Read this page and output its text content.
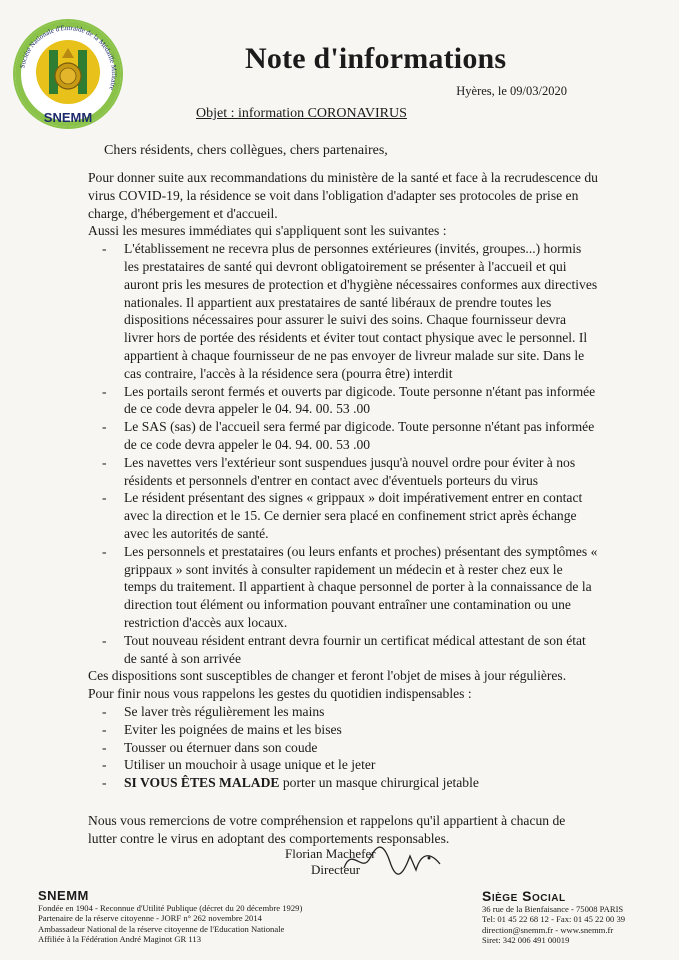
Société Nationale d'Entraide de la Médaille Militaire
SNEMM
Note d'informations
Hyères, le 09/03/2020
Objet : information CORONAVIRUS
Chers résidents, chers collègues, chers partenaires,

Pour donner suite aux recommandations du ministère de la santé et face à la recrudescence du virus COVID-19, la résidence se voit dans l'obligation d'adapter ses protocoles de prise en charge, d'hébergement et d'accueil.

Aussi les mesures immédiates qui s'appliquent sont les suivantes :

- L'établissement ne recevra plus de personnes extérieures (invités, groupes...) hormis les prestataires de santé qui devront obligatoirement se présenter à l'accueil et qui auront pris les mesures de protection et d'hygiène nécessaires conformes aux directives nationales. Il appartient aux prestataires de santé libéraux de prendre toutes les dispositions nécessaires pour assurer le suivi des soins. Chaque fournisseur devra livrer hors de portée des résidents et éviter tout contact physique avec le personnel. Il appartient à chaque fournisseur de ne pas envoyer de livreur malade sur site. Dans le cas contraire, l'accès à la résidence sera (pourra être) interdit
- Les portails seront fermés et ouverts par digicode. Toute personne n'étant pas informée de ce code devra appeler le 04. 94. 00. 53 .00
- Le SAS (sas) de l'accueil sera fermé par digicode. Toute personne n'étant pas informée de ce code devra appeler le 04. 94. 00. 53 .00
- Les navettes vers l'extérieur sont suspendues jusqu'à nouvel ordre pour éviter à nos résidents et personnels d'entrer en contact avec d'éventuels porteurs du virus
- Le résident présentant des signes « grippaux » doit impérativement entrer en contact avec la direction et le 15. Ce dernier sera placé en confinement strict après échange avec les autorités de santé.
- Les personnels et prestataires (ou leurs enfants et proches) présentant des symptômes « grippaux » sont invités à consulter rapidement un médecin et à rester chez eux le temps du traitement. Il appartient à chaque personnel de porter à la connaissance de la direction tout élément ou information pouvant entraîner une contamination ou une restriction d'accès aux locaux.
- Tout nouveau résident entrant devra fournir un certificat médical attestant de son état de santé à son arrivée

Ces dispositions sont susceptibles de changer et feront l'objet de mises à jour régulières.

Pour finir nous vous rappelons les gestes du quotidien indispensables :

- Se laver très régulièrement les mains
- Eviter les poignées de mains et les bises
- Tousser ou éternuer dans son coude
- Utiliser un mouchoir à usage unique et le jeter
- SI VOUS ÊTES MALADE porter un masque chirurgical jetable

Nous vous remercions de votre compréhension et rappelons qu'il appartient à chacun de lutter contre le virus en adoptant des comportements responsables.

Florian Machefer
Directeur
SNEMM
Fondée en 1904 - Reconnue d'Utilité Publique (décret du 20 décembre 1929)
Partenaire de la réserve citoyenne - JORF n° 262 novembre 2014
Ambassadeur National de la réserve citoyenne de l'Education Nationale
Affiliée à la Fédération André Maginot GR 113
Siège Social
36 rue de la Bienfaisance - 75008 PARIS
Tel: 01 45 22 68 12 - Fax: 01 45 22 00 39
direction@snemm.fr - www.snemm.fr
Siret: 342 006 491 00019
